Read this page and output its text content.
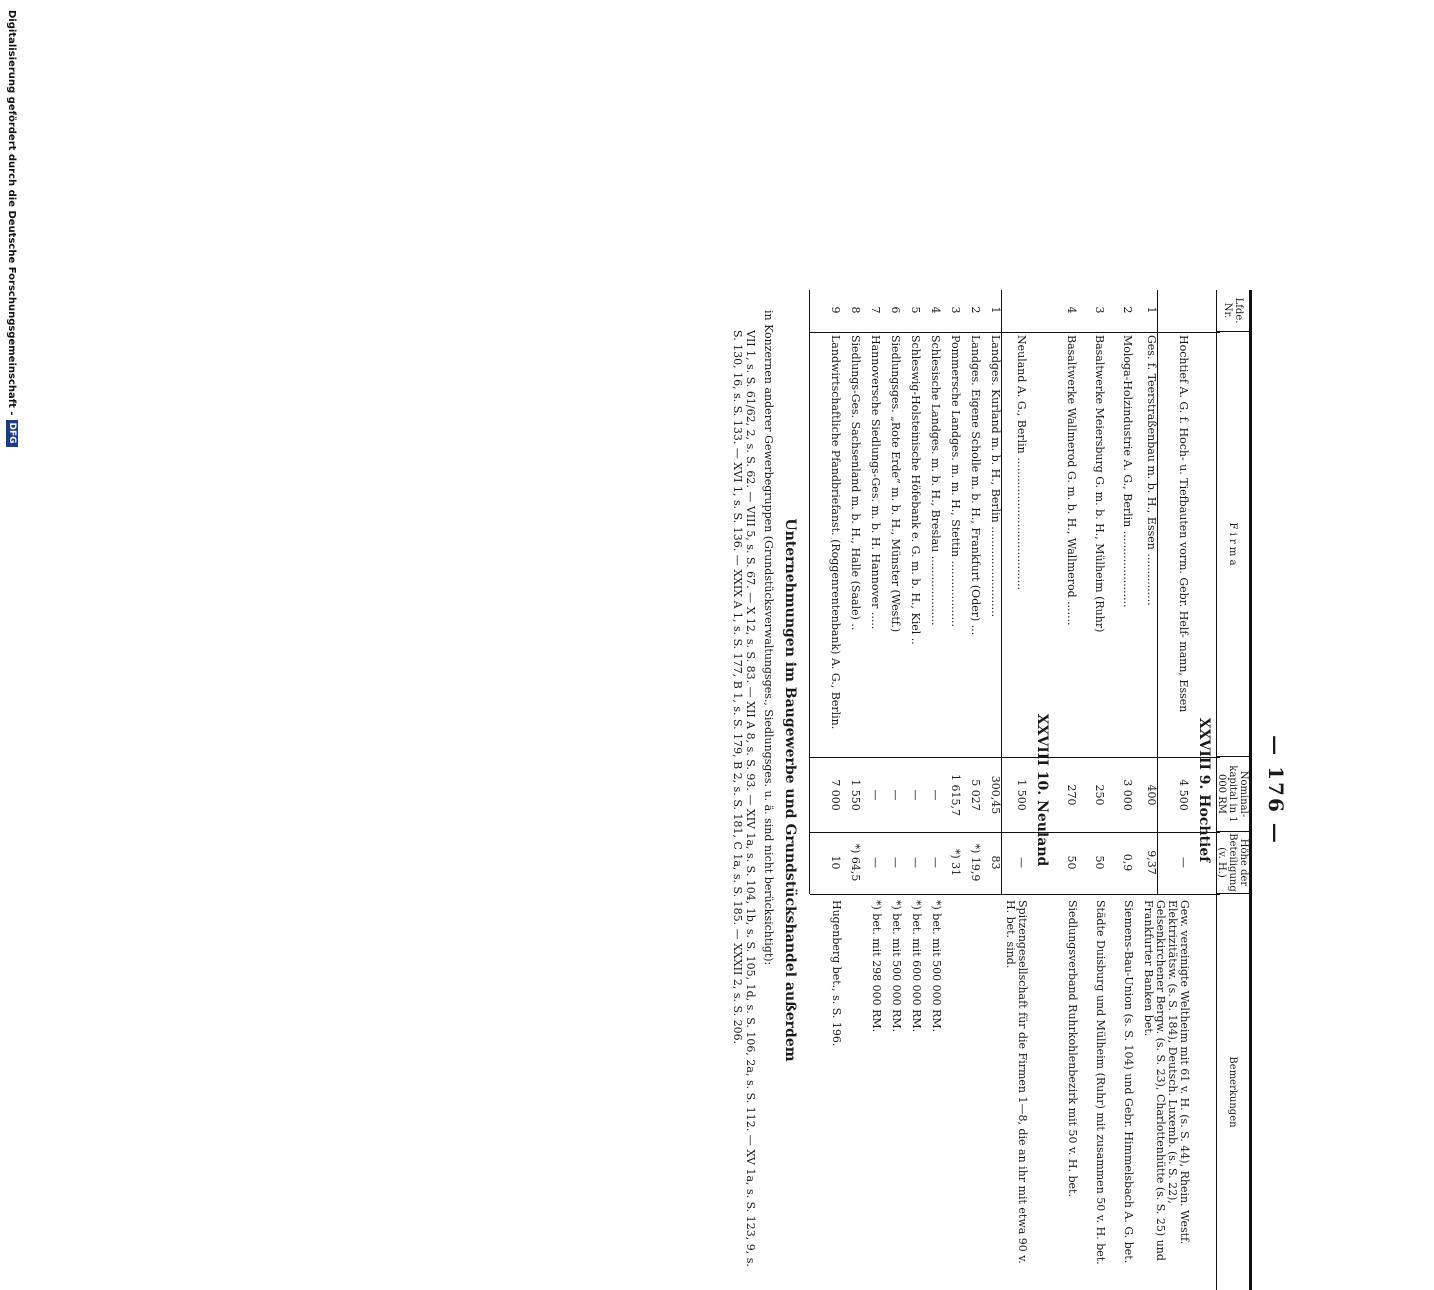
— 176 —
Lfde. Nr.
F i r m a
Nominal- kapital in 1 000 RM
Höhe der Beteiligung (v. H.)
Bemerkungen
XXVIII 9. Hochtief
Hochtief A. G. f. Hoch- u. Tiefbauten vorm. Gebr. Helf- mann, Essen
4 500
—
Gew. vereinigte Weltheim mit 61 v. H. (s. S. 44), Rhein. Westf. Elektrizitätsw. (s. S. 184), Deutsch. Luxemb. (s. S. 22), Gelsenkirchener Bergw. (s. S. 23), Charlottenhütte (s. S. 25) und Frankfurter Banken bet.
1
Ges. f. Teerstraßenbau m. b. H., Essen ...............
400
9,37
2
Mologa-Holzindustrie A. G., Berlin ......................
3 000
0,9
Siemens-Bau-Union (s. S. 104) und Gebr. Himmelsbach A. G. bet.
3
Basaltwerke Meiersburg G. m. b. H., Mülheim (Ruhr)
250
50
Städte Duisburg und Mülheim (Ruhr) mit zusammen 50 v. H. bet.
4
Basaltwerke Wallmerod G. m. b. H., Wallmerod .......
270
50
Siedlungsverband Ruhrkohlenbezirk mit 50 v. H. bet.
Neuland A. G., Berlin ......................................
1 500
—
Spitzengesellschaft für die Firmen 1—8, die an ihr mit etwa 90 v. H. bet. sind.
1
Landges. Kurland m. b. H., Berlin ..........................
300,45
83
2
Landges. Eigene Scholle m. b. H., Frankfurt (Oder) ...
5 027
*) 19,9
3
Pommersche Landges. m. m. H., Stettin ...................
1 615,7
*) 31
4
Schlesische Landges. m. b. H., Breslau ....................
—
—
*) bet. mit 500 000 RM.
5
Schleswig-Holsteinische Höfebank e. G. m. b. H., Kiel ..
—
—
*) bet. mit 600 000 RM.
6
Siedlungsges. „Rote Erde“ m. b. H., Münster (Westf.)
—
—
*) bet. mit 500 000 RM.
7
Hannoversche Siedlungs-Ges. m. b. H. Hannover .....
—
—
*) bet. mit 298 000 RM.
8
Siedlungs-Ges. Sachsenland m. b. H., Halle (Saale) ..
1 550
*) 64,5
9
Landwirtschaftliche Pfandbriefanst. (Roggenrentenbank) A. G., Berlin.
7 000
10
Hugenberg bet., s. S. 196.
XXVIII 10. Neuland
Unternehmungen im Baugewerbe und Grundstückshandel außerdem
in Konzernen anderer Gewerbegruppen (Grundstücksverwaltungsges., Siedlungsges. u. ä. sind nicht berücksichtigt):
VII 1, s. S. 61/62, 2, s. S. 62. — VIII 5, s. S. 67. — X 12, s. S. 83. — XII A 8, s. S. 93. — XIV 1a, s. S. 104, 1b, s. S. 105, 1d, s. S. 106, 2a, s. S. 112. — XV 1a, s. S. 123, 9, s. S. 130, 16, s. S. 133. — XVI 1, s. S. 136. — XXIX A 1, s. S. 177, B 1, s. S. 179, B 2, s. S. 181, C 1a, s. S. 185. — XXXII 2, s. S. 206.
Digitalisierung gefördert durch die Deutsche Forschungsgemeinschaft -
DFG
